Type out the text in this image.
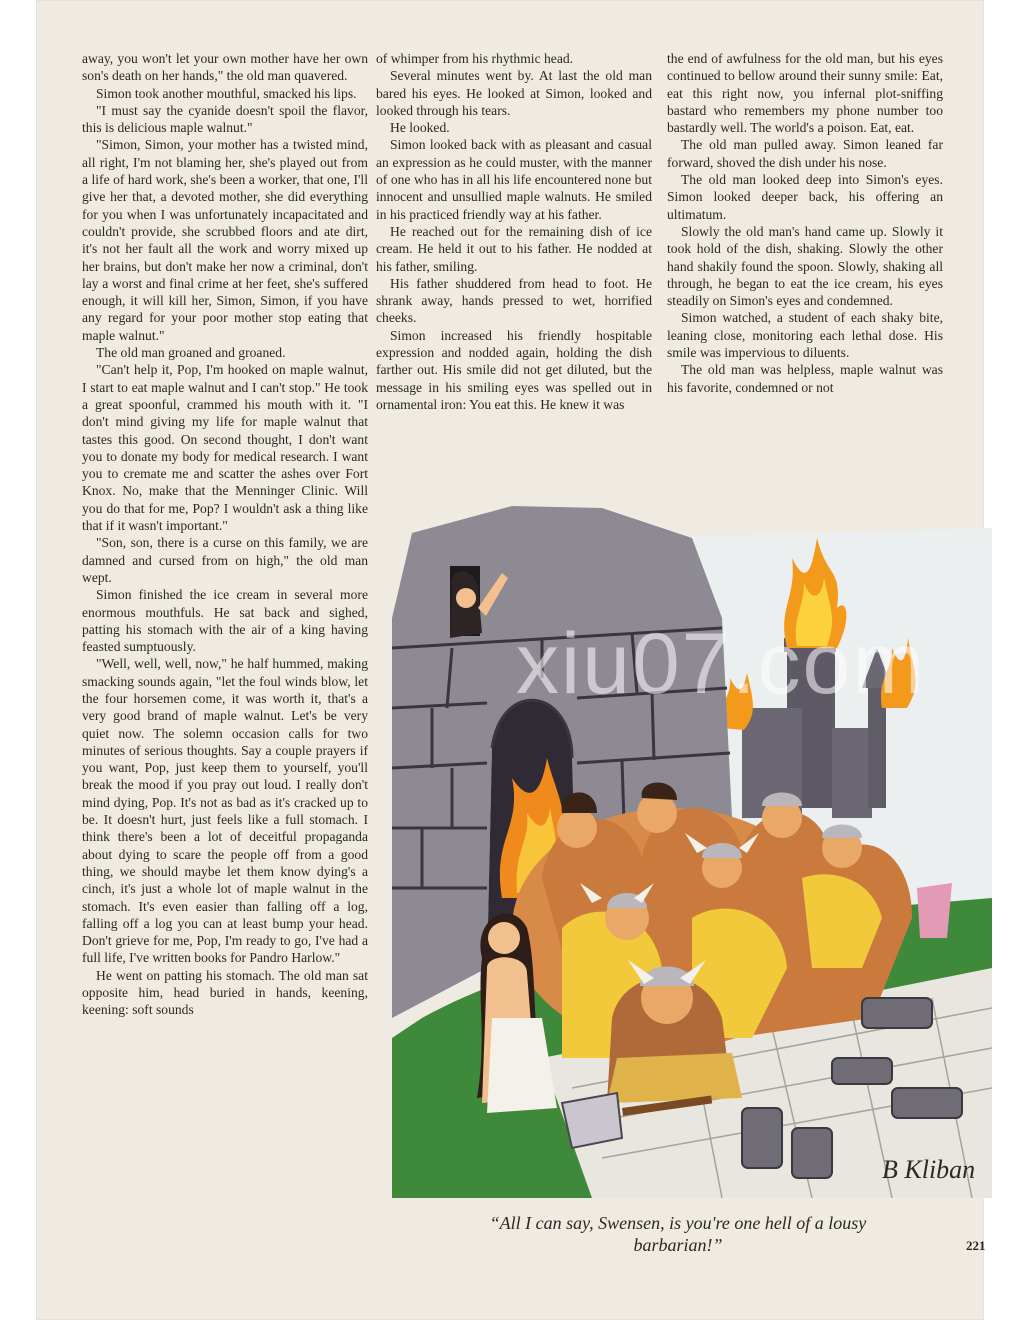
away, you won't let your own mother have her own son's death on her hands," the old man quavered.

Simon took another mouthful, smacked his lips.

"I must say the cyanide doesn't spoil the flavor, this is delicious maple walnut."

"Simon, Simon, your mother has a twisted mind, all right, I'm not blaming her, she's played out from a life of hard work, she's been a worker, that one, I'll give her that, a devoted mother, she did everything for you when I was unfortunately incapacitated and couldn't provide, she scrubbed floors and ate dirt, it's not her fault all the work and worry mixed up her brains, but don't make her now a criminal, don't lay a worst and final crime at her feet, she's suffered enough, it will kill her, Simon, Simon, if you have any regard for your poor mother stop eating that maple walnut."

The old man groaned and groaned.

"Can't help it, Pop, I'm hooked on maple walnut, I start to eat maple walnut and I can't stop." He took a great spoonful, crammed his mouth with it. "I don't mind giving my life for maple walnut that tastes this good. On second thought, I don't want you to donate my body for medical research. I want you to cremate me and scatter the ashes over Fort Knox. No, make that the Menninger Clinic. Will you do that for me, Pop? I wouldn't ask a thing like that if it wasn't important."

"Son, son, there is a curse on this family, we are damned and cursed from on high," the old man wept.

Simon finished the ice cream in several more enormous mouthfuls. He sat back and sighed, patting his stomach with the air of a king having feasted sumptuously.

"Well, well, well, now," he half hummed, making smacking sounds again, "let the foul winds blow, let the four horsemen come, it was worth it, that's a very good brand of maple walnut. Let's be very quiet now. The solemn occasion calls for two minutes of serious thoughts. Say a couple prayers if you want, Pop, just keep them to yourself, you'll break the mood if you pray out loud. I really don't mind dying, Pop. It's not as bad as it's cracked up to be. It doesn't hurt, just feels like a full stomach. I think there's been a lot of deceitful propaganda about dying to scare the people off from a good thing, we should maybe let them know dying's a cinch, it's just a whole lot of maple walnut in the stomach. It's even easier than falling off a log, falling off a log you can at least bump your head. Don't grieve for me, Pop, I'm ready to go, I've had a full life, I've written books for Pandro Harlow."

He went on patting his stomach. The old man sat opposite him, head buried in hands, keening, keening: soft sounds

of whimper from his rhythmic head.

Several minutes went by. At last the old man bared his eyes. He looked at Simon, looked and looked through his tears.

He looked.

Simon looked back with as pleasant and casual an expression as he could muster, with the manner of one who has in all his life encountered none but innocent and unsullied maple walnuts. He smiled in his practiced friendly way at his father.

He reached out for the remaining dish of ice cream. He held it out to his father. He nodded at his father, smiling.

His father shuddered from head to foot. He shrank away, hands pressed to wet, horrified cheeks.

Simon increased his friendly hospitable expression and nodded again, holding the dish farther out. His smile did not get diluted, but the message in his smiling eyes was spelled out in ornamental iron: You eat this. He knew it was

the end of awfulness for the old man, but his eyes continued to bellow around their sunny smile: Eat, eat this right now, you infernal plot-sniffing bastard who remembers my phone number too bastardly well. The world's a poison. Eat, eat.

The old man pulled away. Simon leaned far forward, shoved the dish under his nose.

The old man looked deep into Simon's eyes. Simon looked deeper back, his offering an ultimatum.

Slowly the old man's hand came up. Slowly it took hold of the dish, shaking. Slowly the other hand shakily found the spoon. Slowly, shaking all through, he began to eat the ice cream, his eyes steadily on Simon's eyes and condemned.

Simon watched, a student of each shaky bite, leaning close, monitoring each lethal dose. His smile was impervious to diluents.

The old man was helpless, maple walnut was his favorite, condemned or not

B Kliban
“All I can say, Swensen, is you're one hell of a lousy barbarian!”	221
xiu07.com
